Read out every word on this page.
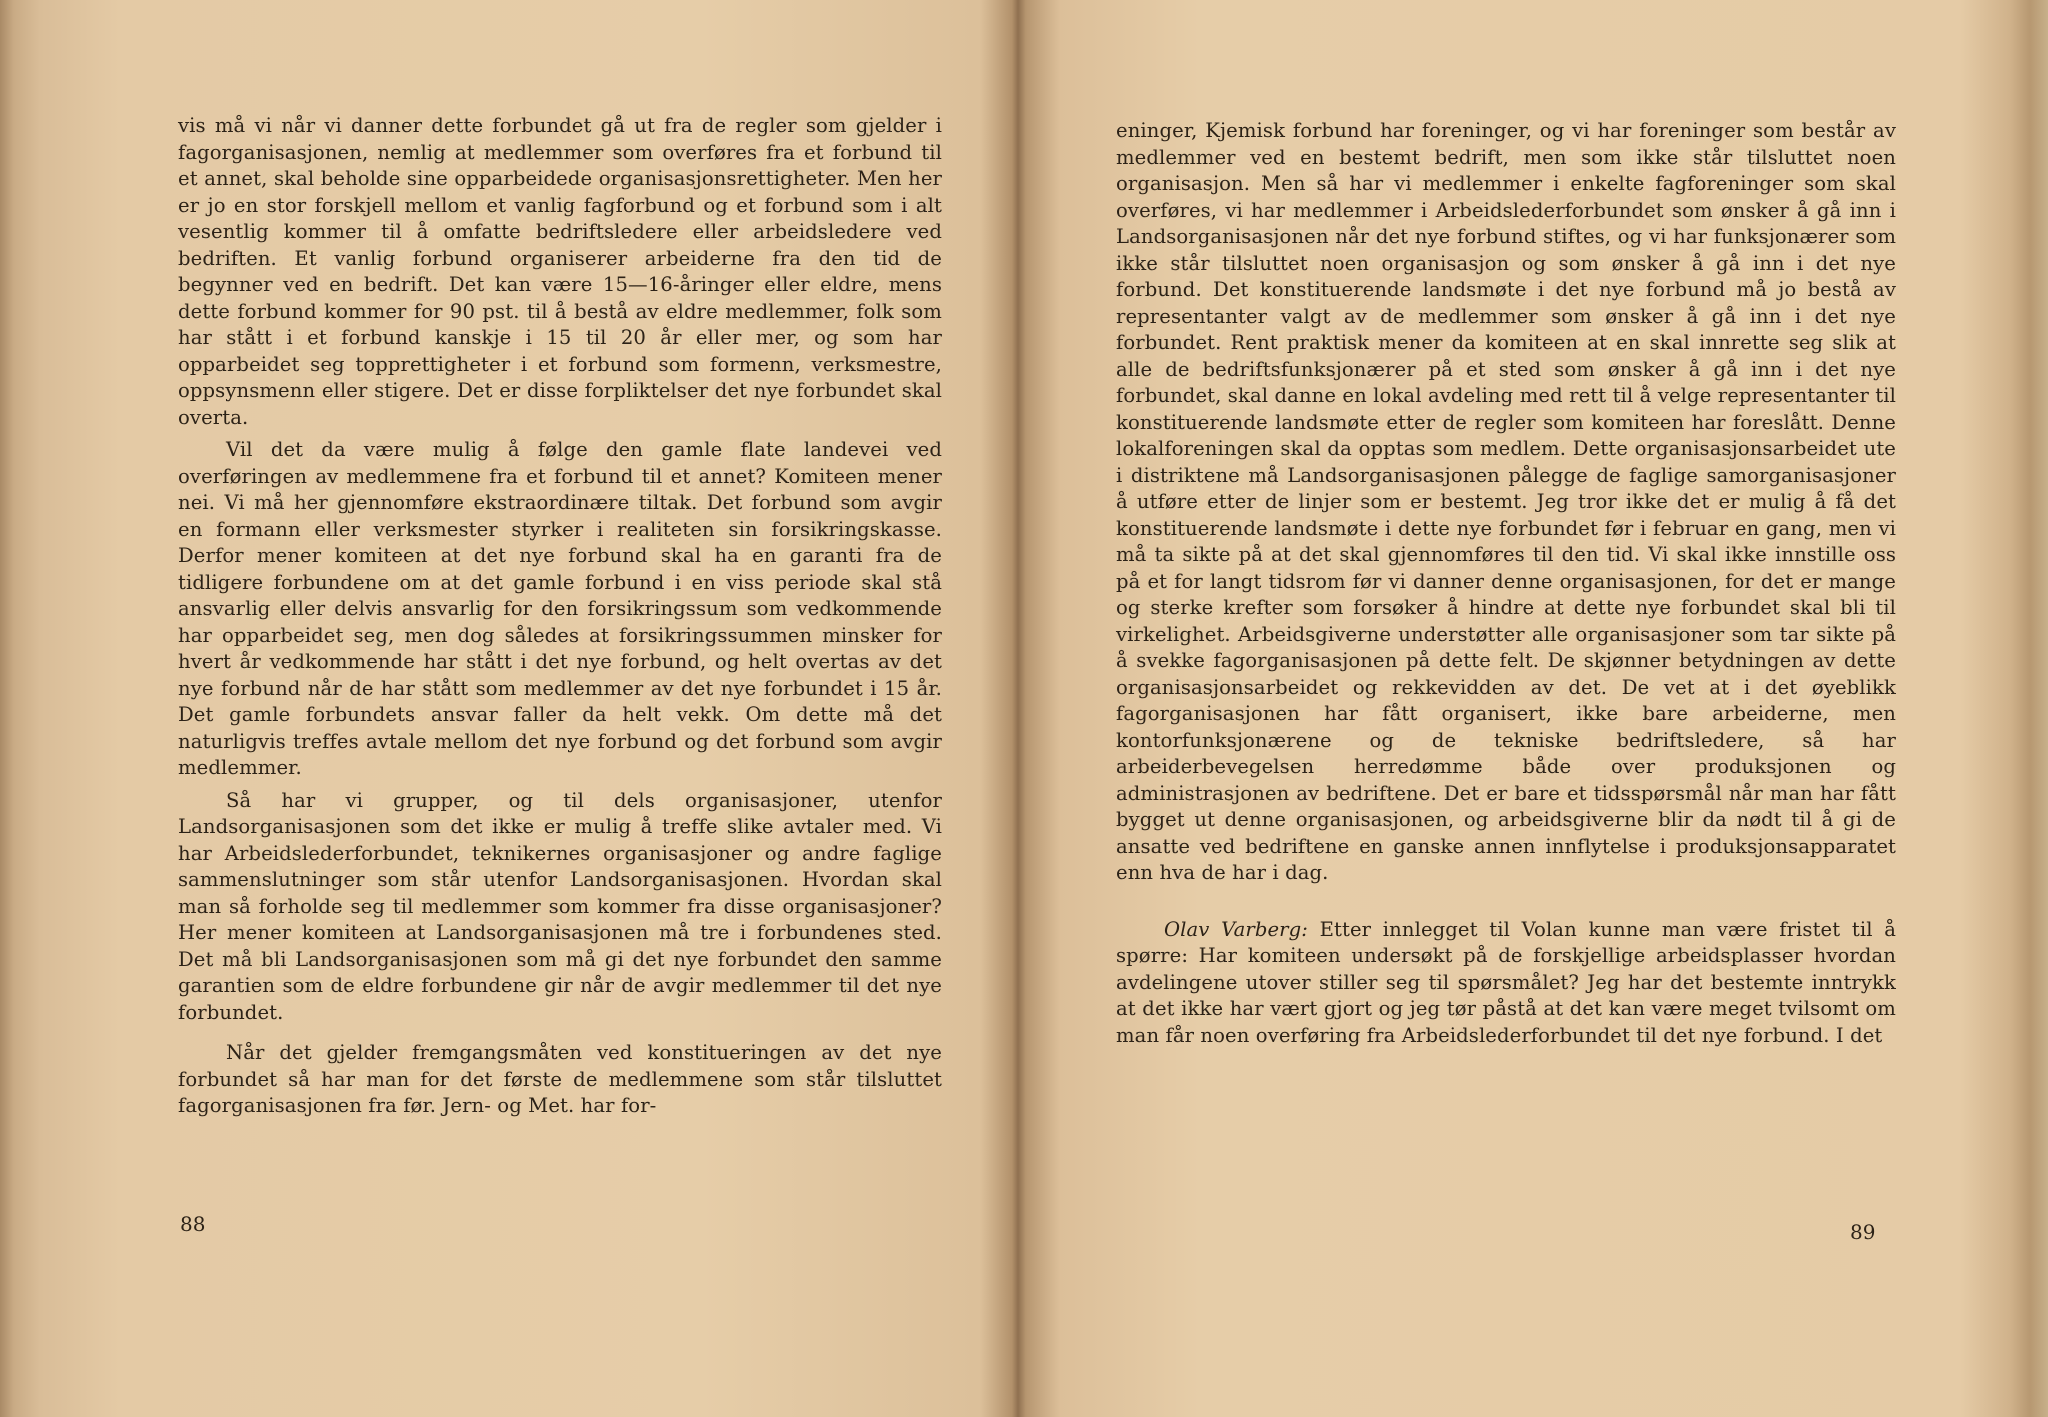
vis må vi når vi danner dette forbundet gå ut fra de regler som gjelder i fagorganisasjonen, nemlig at medlemmer som overføres fra et forbund til et annet, skal beholde sine opparbeidede organisasjonsrettigheter. Men her er jo en stor forskjell mellom et vanlig fagforbund og et forbund som i alt vesentlig kommer til å omfatte bedriftsledere eller arbeidsledere ved bedriften. Et vanlig forbund organiserer arbeiderne fra den tid de begynner ved en bedrift. Det kan være 15—16-åringer eller eldre, mens dette forbund kommer for 90 pst. til å bestå av eldre medlemmer, folk som har stått i et forbund kanskje i 15 til 20 år eller mer, og som har opparbeidet seg topprettigheter i et forbund som formenn, verksmestre, oppsynsmenn eller stigere. Det er disse forpliktelser det nye forbundet skal overta.

Vil det da være mulig å følge den gamle flate landevei ved overføringen av medlemmene fra et forbund til et annet? Komiteen mener nei. Vi må her gjennomføre ekstraordinære tiltak. Det forbund som avgir en formann eller verksmester styrker i realiteten sin forsikringskasse. Derfor mener komiteen at det nye forbund skal ha en garanti fra de tidligere forbundene om at det gamle forbund i en viss periode skal stå ansvarlig eller delvis ansvarlig for den forsikringssum som vedkommende har opparbeidet seg, men dog således at forsikringssummen minsker for hvert år vedkommende har stått i det nye forbund, og helt overtas av det nye forbund når de har stått som medlemmer av det nye forbundet i 15 år. Det gamle forbundets ansvar faller da helt vekk. Om dette må det naturligvis treffes avtale mellom det nye forbund og det forbund som avgir medlemmer.

Så har vi grupper, og til dels organisasjoner, utenfor Landsorganisasjonen som det ikke er mulig å treffe slike avtaler med. Vi har Arbeidslederforbundet, teknikernes organisasjoner og andre faglige sammenslutninger som står utenfor Landsorganisasjonen. Hvordan skal man så forholde seg til medlemmer som kommer fra disse organisasjoner? Her mener komiteen at Landsorganisasjonen må tre i forbundenes sted. Det må bli Landsorganisasjonen som må gi det nye forbundet den samme garantien som de eldre forbundene gir når de avgir medlemmer til det nye forbundet.

Når det gjelder fremgangsmåten ved konstitueringen av det nye forbundet så har man for det første de medlemmene som står tilsluttet fagorganisasjonen fra før. Jern- og Met. har for-

88

eninger, Kjemisk forbund har foreninger, og vi har foreninger som består av medlemmer ved en bestemt bedrift, men som ikke står tilsluttet noen organisasjon. Men så har vi medlemmer i enkelte fagforeninger som skal overføres, vi har medlemmer i Arbeidslederforbundet som ønsker å gå inn i Landsorganisasjonen når det nye forbund stiftes, og vi har funksjonærer som ikke står tilsluttet noen organisasjon og som ønsker å gå inn i det nye forbund. Det konstituerende landsmøte i det nye forbund må jo bestå av representanter valgt av de medlemmer som ønsker å gå inn i det nye forbundet. Rent praktisk mener da komiteen at en skal innrette seg slik at alle de bedriftsfunksjonærer på et sted som ønsker å gå inn i det nye forbundet, skal danne en lokal avdeling med rett til å velge representanter til konstituerende landsmøte etter de regler som komiteen har foreslått. Denne lokalforeningen skal da opptas som medlem. Dette organisasjonsarbeidet ute i distriktene må Landsorganisasjonen pålegge de faglige samorganisasjoner å utføre etter de linjer som er bestemt. Jeg tror ikke det er mulig å få det konstituerende landsmøte i dette nye forbundet før i februar en gang, men vi må ta sikte på at det skal gjennomføres til den tid. Vi skal ikke innstille oss på et for langt tidsrom før vi danner denne organisasjonen, for det er mange og sterke krefter som forsøker å hindre at dette nye forbundet skal bli til virkelighet. Arbeidsgiverne understøtter alle organisasjoner som tar sikte på å svekke fagorganisasjonen på dette felt. De skjønner betydningen av dette organisasjonsarbeidet og rekkevidden av det. De vet at i det øyeblikk fagorganisasjonen har fått organisert, ikke bare arbeiderne, men kontorfunksjonærene og de tekniske bedriftsledere, så har arbeiderbevegelsen herredømme både over produksjonen og administrasjonen av bedriftene. Det er bare et tidsspørsmål når man har fått bygget ut denne organisasjonen, og arbeidsgiverne blir da nødt til å gi de ansatte ved bedriftene en ganske annen innflytelse i produksjonsapparatet enn hva de har i dag.

Olav Varberg: Etter innlegget til Volan kunne man være fristet til å spørre: Har komiteen undersøkt på de forskjellige arbeidsplasser hvordan avdelingene utover stiller seg til spørsmålet? Jeg har det bestemte inntrykk at det ikke har vært gjort og jeg tør påstå at det kan være meget tvilsomt om man får noen overføring fra Arbeidslederforbundet til det nye forbund. I det

89
